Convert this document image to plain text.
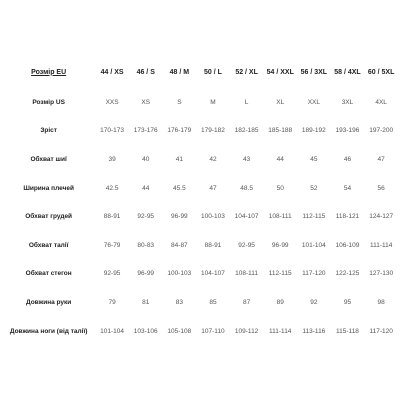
Розмір EU	44 / XS	46 / S	48 / M	50 / L	52 / XL	54 / XXL	56 / 3XL	58 / 4XL	60 / 5XL
Розмір US	XXS	XS	S	M	L	XL	XXL	3XL	4XL
Зріст	170-173	173-176	176-179	179-182	182-185	185-188	189-192	193-196	197-200
Обхват шиї	39	40	41	42	43	44	45	46	47
Ширина плечей	42.5	44	45.5	47	48.5	50	52	54	56
Обхват грудей	88-91	92-95	96-99	100-103	104-107	108-111	112-115	118-121	124-127
Обхват талії	76-79	80-83	84-87	88-91	92-95	96-99	101-104	106-109	111-114
Обхват стегон	92-95	96-99	100-103	104-107	108-111	112-115	117-120	122-125	127-130
Довжина руки	79	81	83	85	87	89	92	95	98
Довжина ноги (від талії)	101-104	103-106	105-108	107-110	109-112	111-114	113-116	115-118	117-120
